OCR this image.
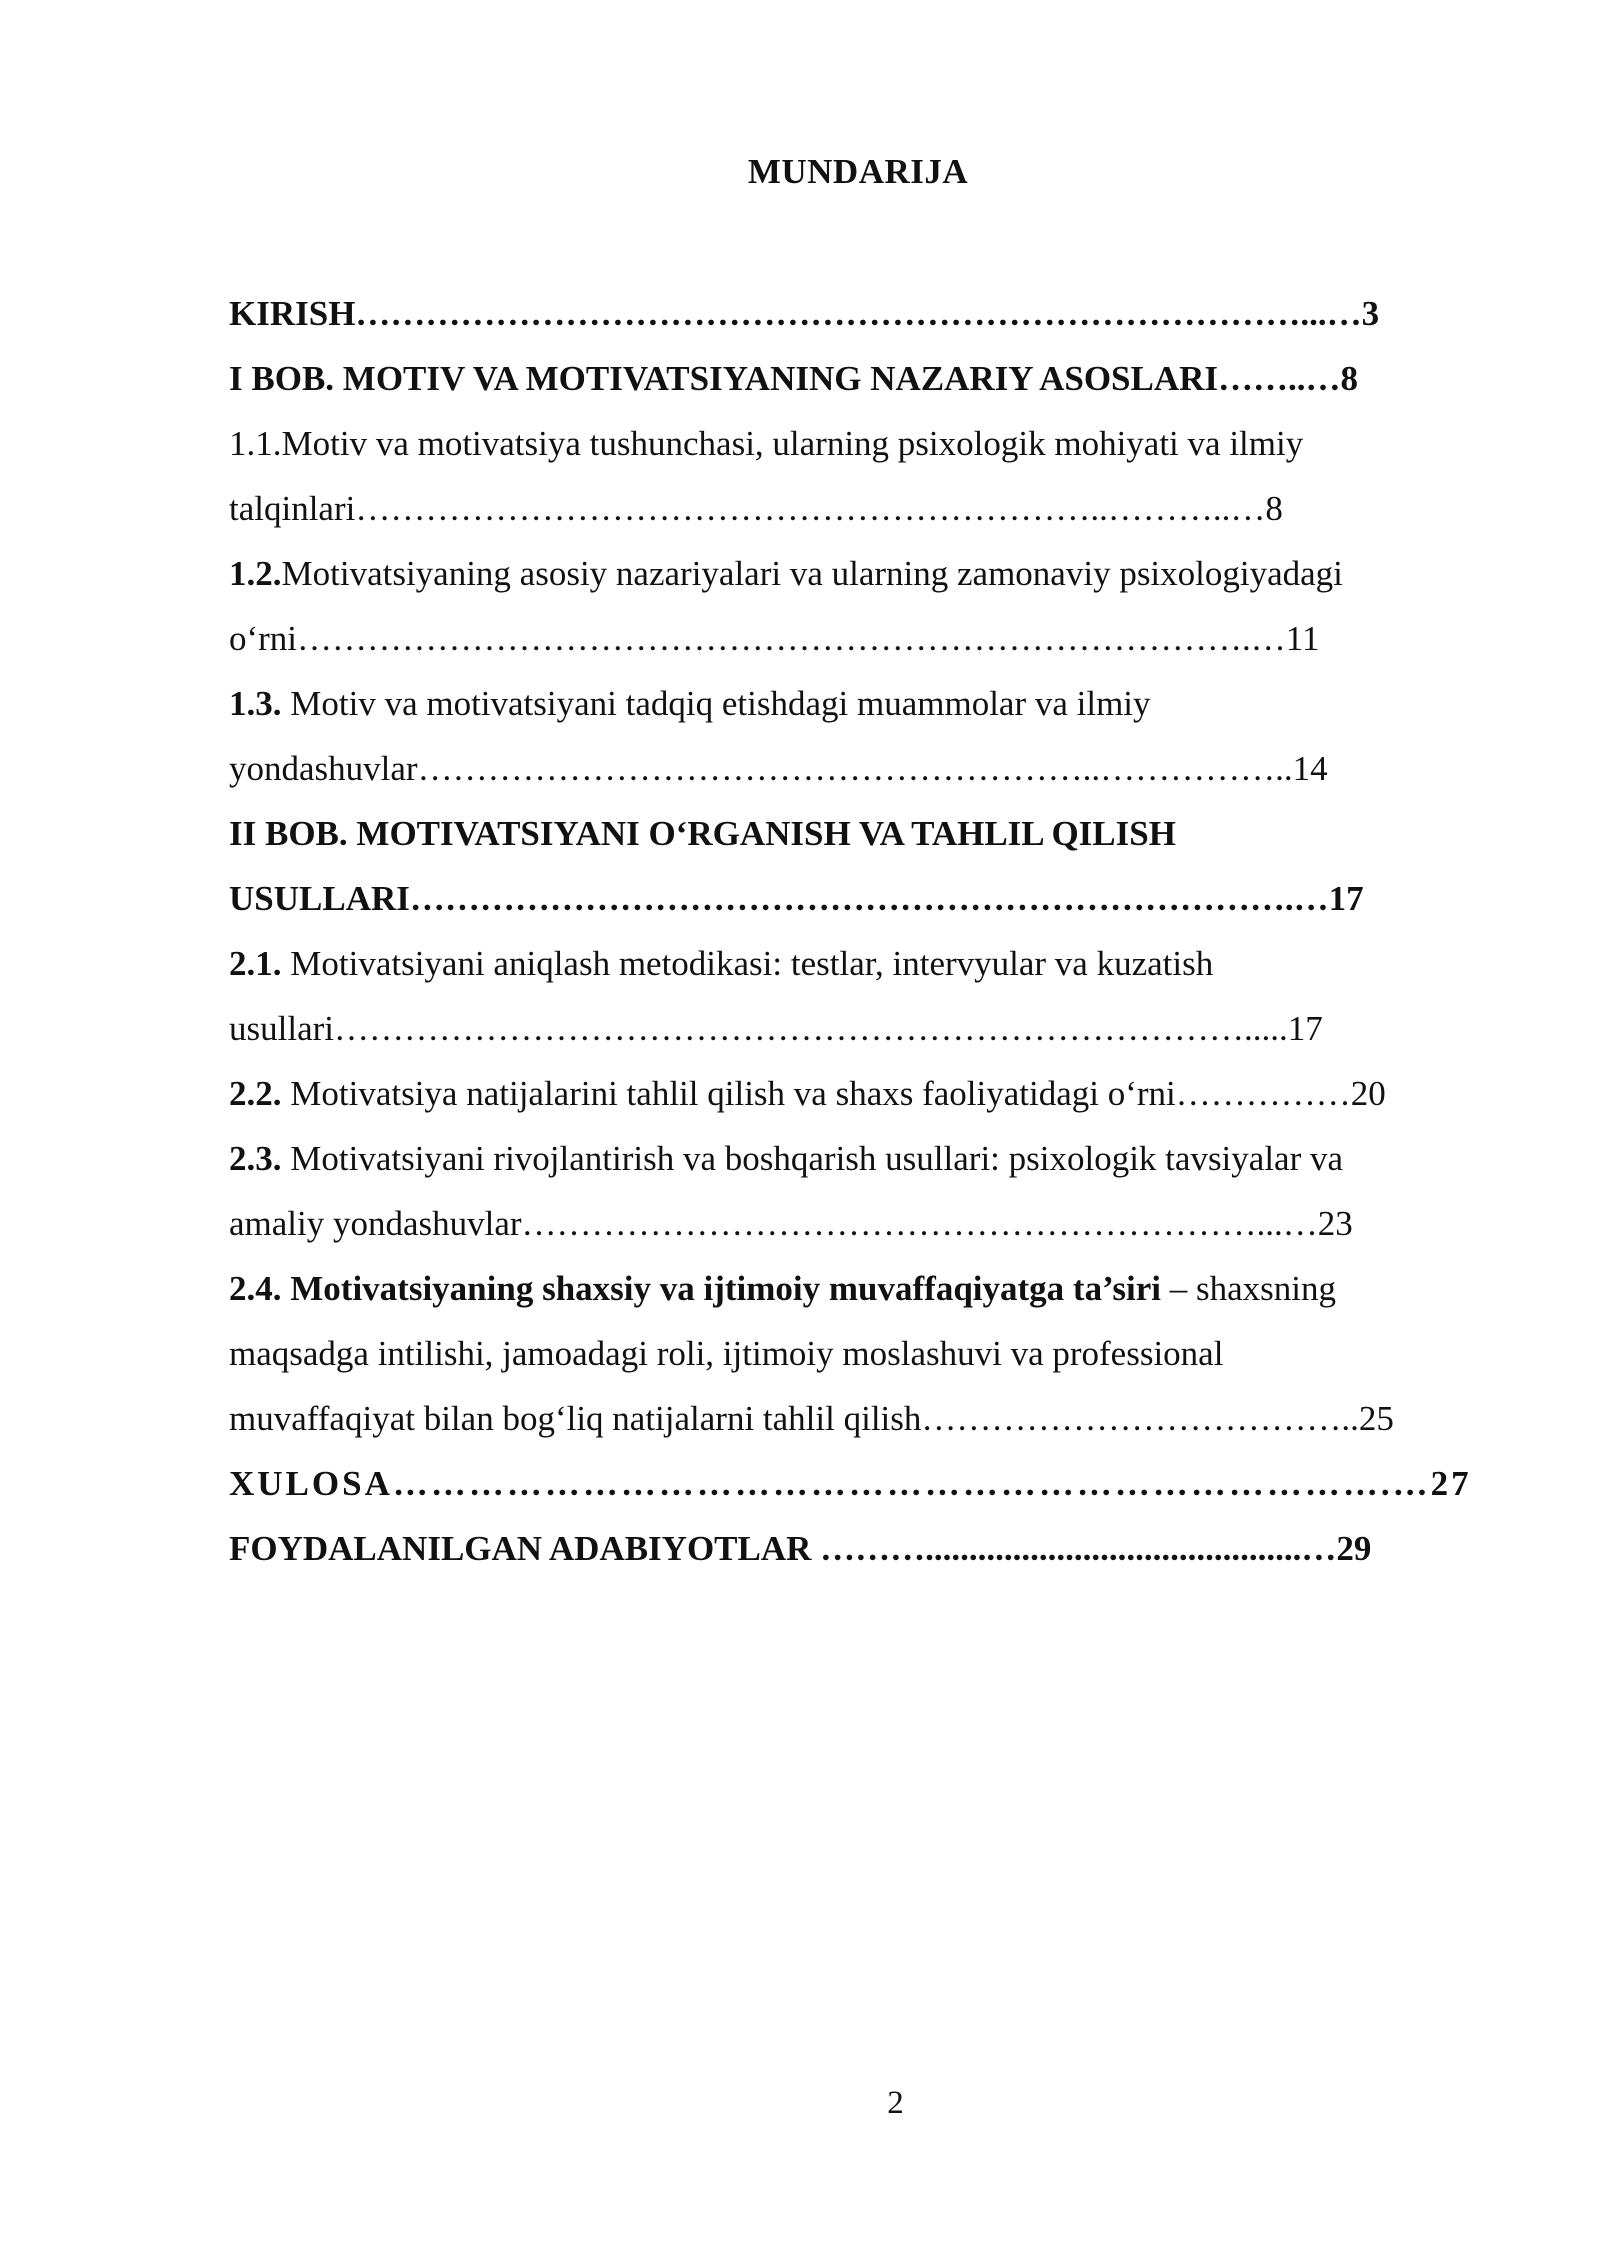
MUNDARIJA
KIRISH………………………………………………………………………...…3
I BOB. MOTIV VA MOTIVATSIYANING NAZARIY ASOSLARI……..…8
1.1.Motiv va motivatsiya tushunchasi, ularning psixologik mohiyati va ilmiy
talqinlari………………………………………………………..………..…8
1.2.Motivatsiyaning asosiy nazariyalari va ularning zamonaviy psixologiyadagi
o‘rni……………………………………………………………………….…11
1.3. Motiv va motivatsiyani tadqiq etishdagi muammolar va ilmiy
yondashuvlar…………………………………………………..……………..14
II BOB. MOTIVATSIYANI O‘RGANISH VA TAHLIL QILISH
USULLARI………………………………………………………………….…17
2.1. Motivatsiyani aniqlash metodikasi: testlar, intervyular va kuzatish
usullari…………………………………………………………………….....17
2.2. Motivatsiya natijalarini tahlil qilish va shaxs faoliyatidagi o‘rni……………20
2.3. Motivatsiyani rivojlantirish va boshqarish usullari: psixologik tavsiyalar va
amaliy yondashuvlar………………………………………………………...…23
2.4. Motivatsiyaning shaxsiy va ijtimoiy muvaffaqiyatga ta’siri – shaxsning
maqsadga intilishi, jamoadagi roli, ijtimoiy moslashuvi va professional
muvaffaqiyat bilan bog‘liq natijalarni tahlil qilish………………………………..25
XULOSA…………………………………………………………………….…27
FOYDALANILGAN ADABIYOTLAR ………...........................................…29
2
